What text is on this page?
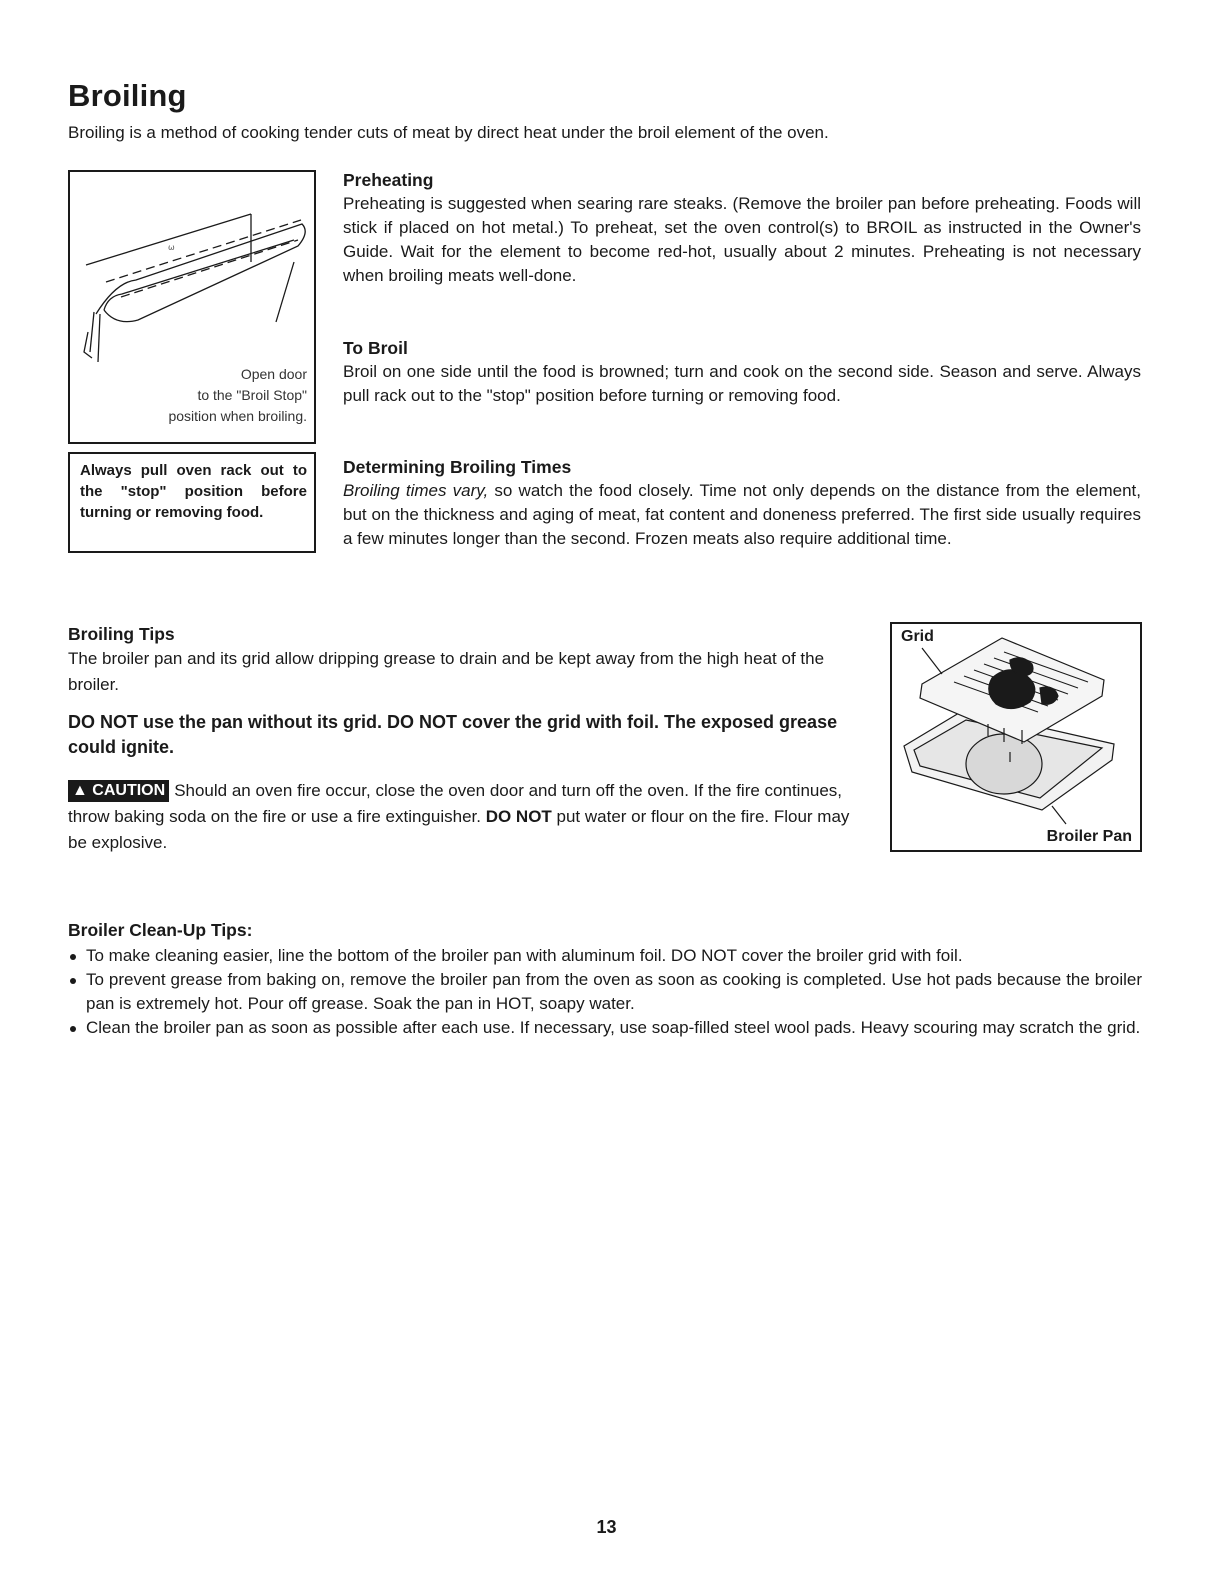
Broiling
Broiling is a method of cooking tender cuts of meat by direct heat under the broil element of the oven.
ω
Open door
to the "Broil Stop"
position when broiling.
Always pull oven rack out to the "stop" position before turning or removing food.
Preheating

Preheating is suggested when searing rare steaks. (Remove the broiler pan before preheating. Foods will stick if placed on hot metal.) To preheat, set the oven control(s) to BROIL as instructed in the Owner's Guide. Wait for the element to become red-hot, usually about 2 minutes. Preheating is not necessary when broiling meats well-done.

To Broil

Broil on one side until the food is browned; turn and cook on the second side. Season and serve. Always pull rack out to the "stop" position before turning or removing food.

Determining Broiling Times

Broiling times vary, so watch the food closely. Time not only depends on the distance from the element, but on the thickness and aging of meat, fat content and doneness preferred. The first side usually requires a few minutes longer than the second. Frozen meats also require additional time.

Broiling Tips

The broiler pan and its grid allow dripping grease to drain and be kept away from the high heat of the broiler.

DO NOT use the pan without its grid. DO NOT cover the grid with foil. The exposed grease could ignite.

▲ CAUTION Should an oven fire occur, close the oven door and turn off the oven. If the fire continues, throw baking soda on the fire or use a fire extinguisher. DO NOT put water or flour on the fire. Flour may be explosive.

Grid
Broiler Pan
Broiler Clean-Up Tips:
To make cleaning easier, line the bottom of the broiler pan with aluminum foil. DO NOT cover the broiler grid with foil.
To prevent grease from baking on, remove the broiler pan from the oven as soon as cooking is completed. Use hot pads because the broiler pan is extremely hot. Pour off grease. Soak the pan in HOT, soapy water.
Clean the broiler pan as soon as possible after each use. If necessary, use soap-filled steel wool pads. Heavy scouring may scratch the grid.
13
